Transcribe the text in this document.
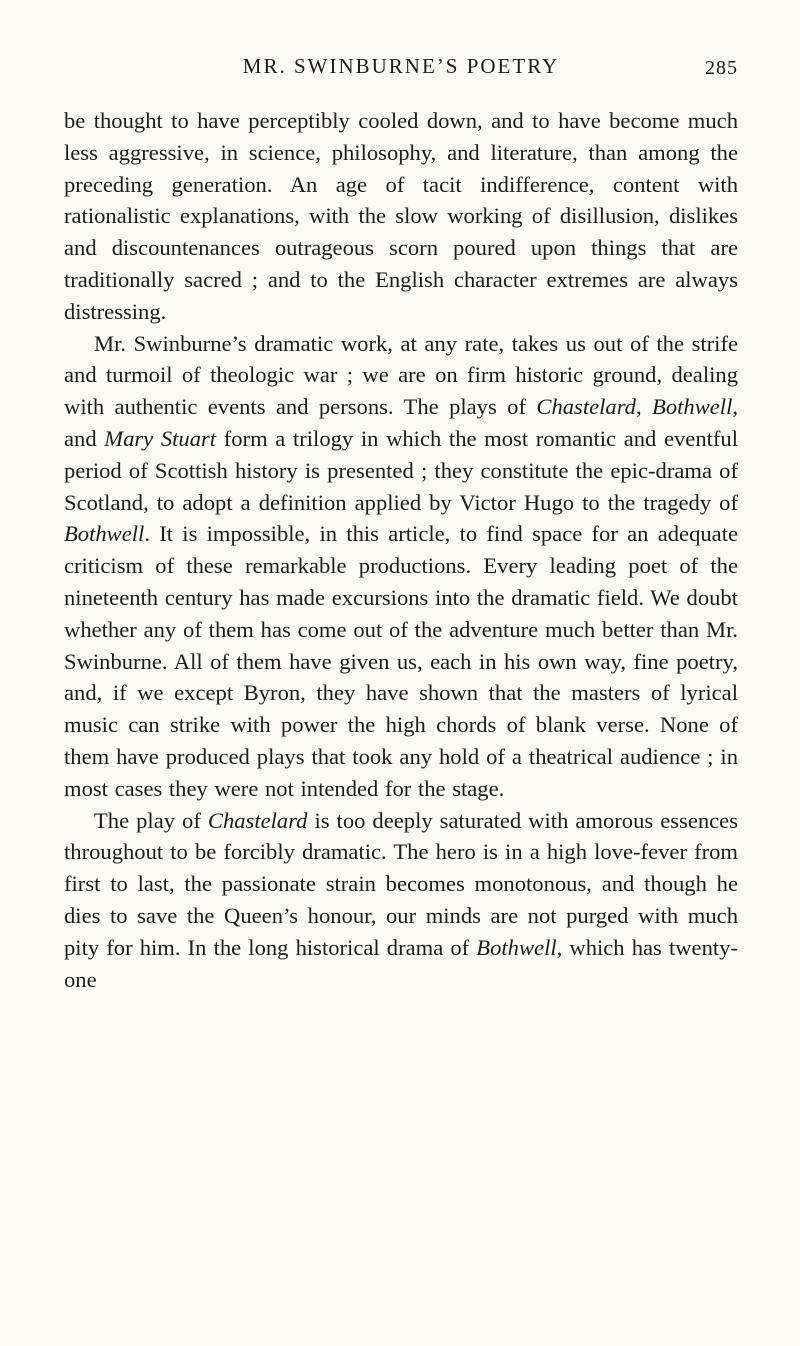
MR. SWINBURNE’S POETRY	285

be thought to have perceptibly cooled down, and to have become much less aggressive, in science, philosophy, and literature, than among the preceding generation. An age of tacit indifference, content with rationalistic explanations, with the slow working of disillusion, dislikes and discountenances outrageous scorn poured upon things that are traditionally sacred ; and to the English character extremes are always distressing.

Mr. Swinburne’s dramatic work, at any rate, takes us out of the strife and turmoil of theologic war ; we are on firm historic ground, dealing with authentic events and persons. The plays of Chastelard, Bothwell, and Mary Stuart form a trilogy in which the most romantic and eventful period of Scottish history is presented ; they constitute the epic-drama of Scotland, to adopt a definition applied by Victor Hugo to the tragedy of Bothwell. It is impossible, in this article, to find space for an adequate criticism of these remarkable productions. Every leading poet of the nineteenth century has made excursions into the dramatic field. We doubt whether any of them has come out of the adventure much better than Mr. Swinburne. All of them have given us, each in his own way, fine poetry, and, if we except Byron, they have shown that the masters of lyrical music can strike with power the high chords of blank verse. None of them have produced plays that took any hold of a theatrical audience ; in most cases they were not intended for the stage.

The play of Chastelard is too deeply saturated with amorous essences throughout to be forcibly dramatic. The hero is in a high love-fever from first to last, the passionate strain becomes monotonous, and though he dies to save the Queen’s honour, our minds are not purged with much pity for him. In the long historical drama of Bothwell, which has twenty-one
